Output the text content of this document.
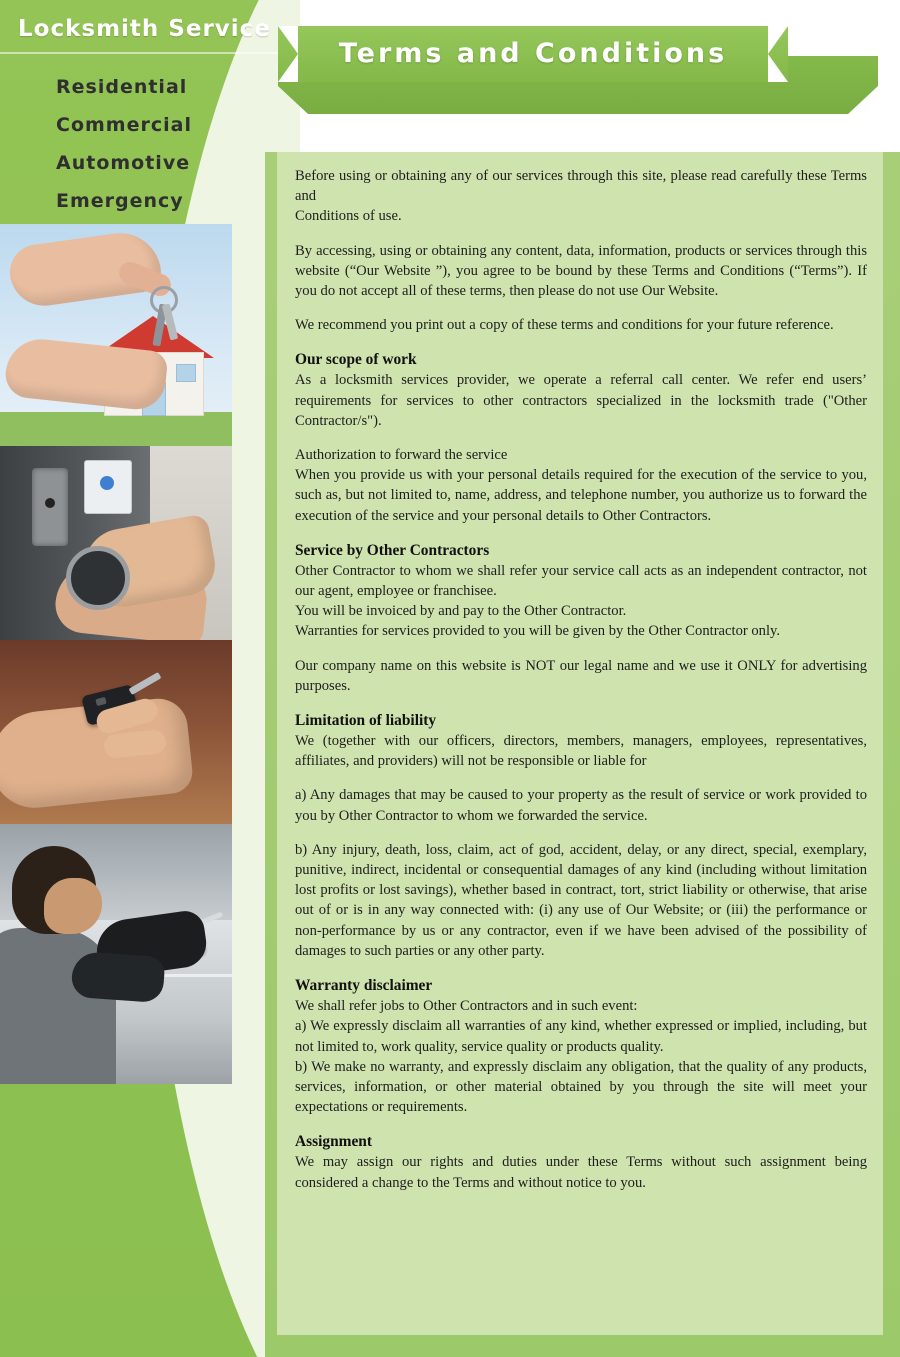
Locksmith Service
Residential
Commercial
Automotive
Emergency
Terms and Conditions

Before using or obtaining any of our services through this site, please read carefully these Terms and

Conditions of use.

By accessing, using or obtaining any content, data, information, products or services through this website (“Our Website ”), you agree to be bound by these Terms and Conditions (“Terms”). If you do not accept all of these terms, then please do not use Our Website.

We recommend you print out a copy of these terms and conditions for your future reference.

Our scope of work

As a locksmith services provider, we operate a referral call center. We refer end users’ requirements for services to other contractors specialized in the locksmith trade ("Other Contractor/s").

Authorization to forward the service

When you provide us with your personal details required for the execution of the service to you, such as, but not limited to, name, address, and telephone number, you authorize us to forward the execution of the service and your personal details to Other Contractors.

Service by Other Contractors

Other Contractor to whom we shall refer your service call acts as an independent contractor, not our agent, employee or franchisee.

You will be invoiced by and pay to the Other Contractor.

Warranties for services provided to you will be given by the Other Contractor only.

Our company name on this website is NOT our legal name and we use it ONLY for advertising purposes.

Limitation of liability

We (together with our officers, directors, members, managers, employees, representatives, affiliates, and providers) will not be responsible or liable for

a) Any damages that may be caused to your property as the result of service or work provided to you by Other Contractor to whom we forwarded the service.

b) Any injury, death, loss, claim, act of god, accident, delay, or any direct, special, exemplary, punitive, indirect, incidental or consequential damages of any kind (including without limitation lost profits or lost savings), whether based in contract, tort, strict liability or otherwise, that arise out of or is in any way connected with: (i) any use of Our Website; or (iii) the performance or non-performance by us or any contractor, even if we have been advised of the possibility of damages to such parties or any other party.

Warranty disclaimer

We shall refer jobs to Other Contractors and in such event:

a) We expressly disclaim all warranties of any kind, whether expressed or implied, including, but not limited to, work quality, service quality or products quality.

b) We make no warranty, and expressly disclaim any obligation, that the quality of any products, services, information, or other material obtained by you through the site will meet your expectations or requirements.

Assignment

We may assign our rights and duties under these Terms without such assignment being considered a change to the Terms and without notice to you.
